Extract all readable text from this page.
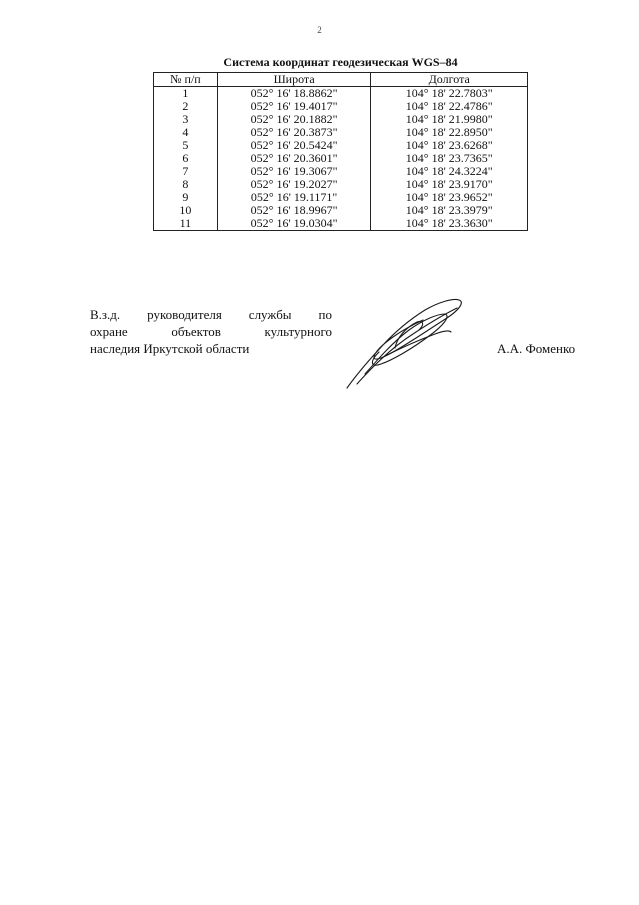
2
Система координат геодезическая WGS–84
№ п/п	Широта	Долгота
1	052° 16' 18.8862"	104° 18' 22.7803"
2	052° 16' 19.4017"	104° 18' 22.4786"
3	052° 16' 20.1882"	104° 18' 21.9980"
4	052° 16' 20.3873"	104° 18' 22.8950"
5	052° 16' 20.5424"	104° 18' 23.6268"
6	052° 16' 20.3601"	104° 18' 23.7365"
7	052° 16' 19.3067"	104° 18' 24.3224"
8	052° 16' 19.2027"	104° 18' 23.9170"
9	052° 16' 19.1171"	104° 18' 23.9652"
10	052° 16' 18.9967"	104° 18' 23.3979"
11	052° 16' 19.0304"	104° 18' 23.3630"
В.з.д. руководителя службы по
охране	объектов	культурного
наследия Иркутской области	А.А. Фоменко
